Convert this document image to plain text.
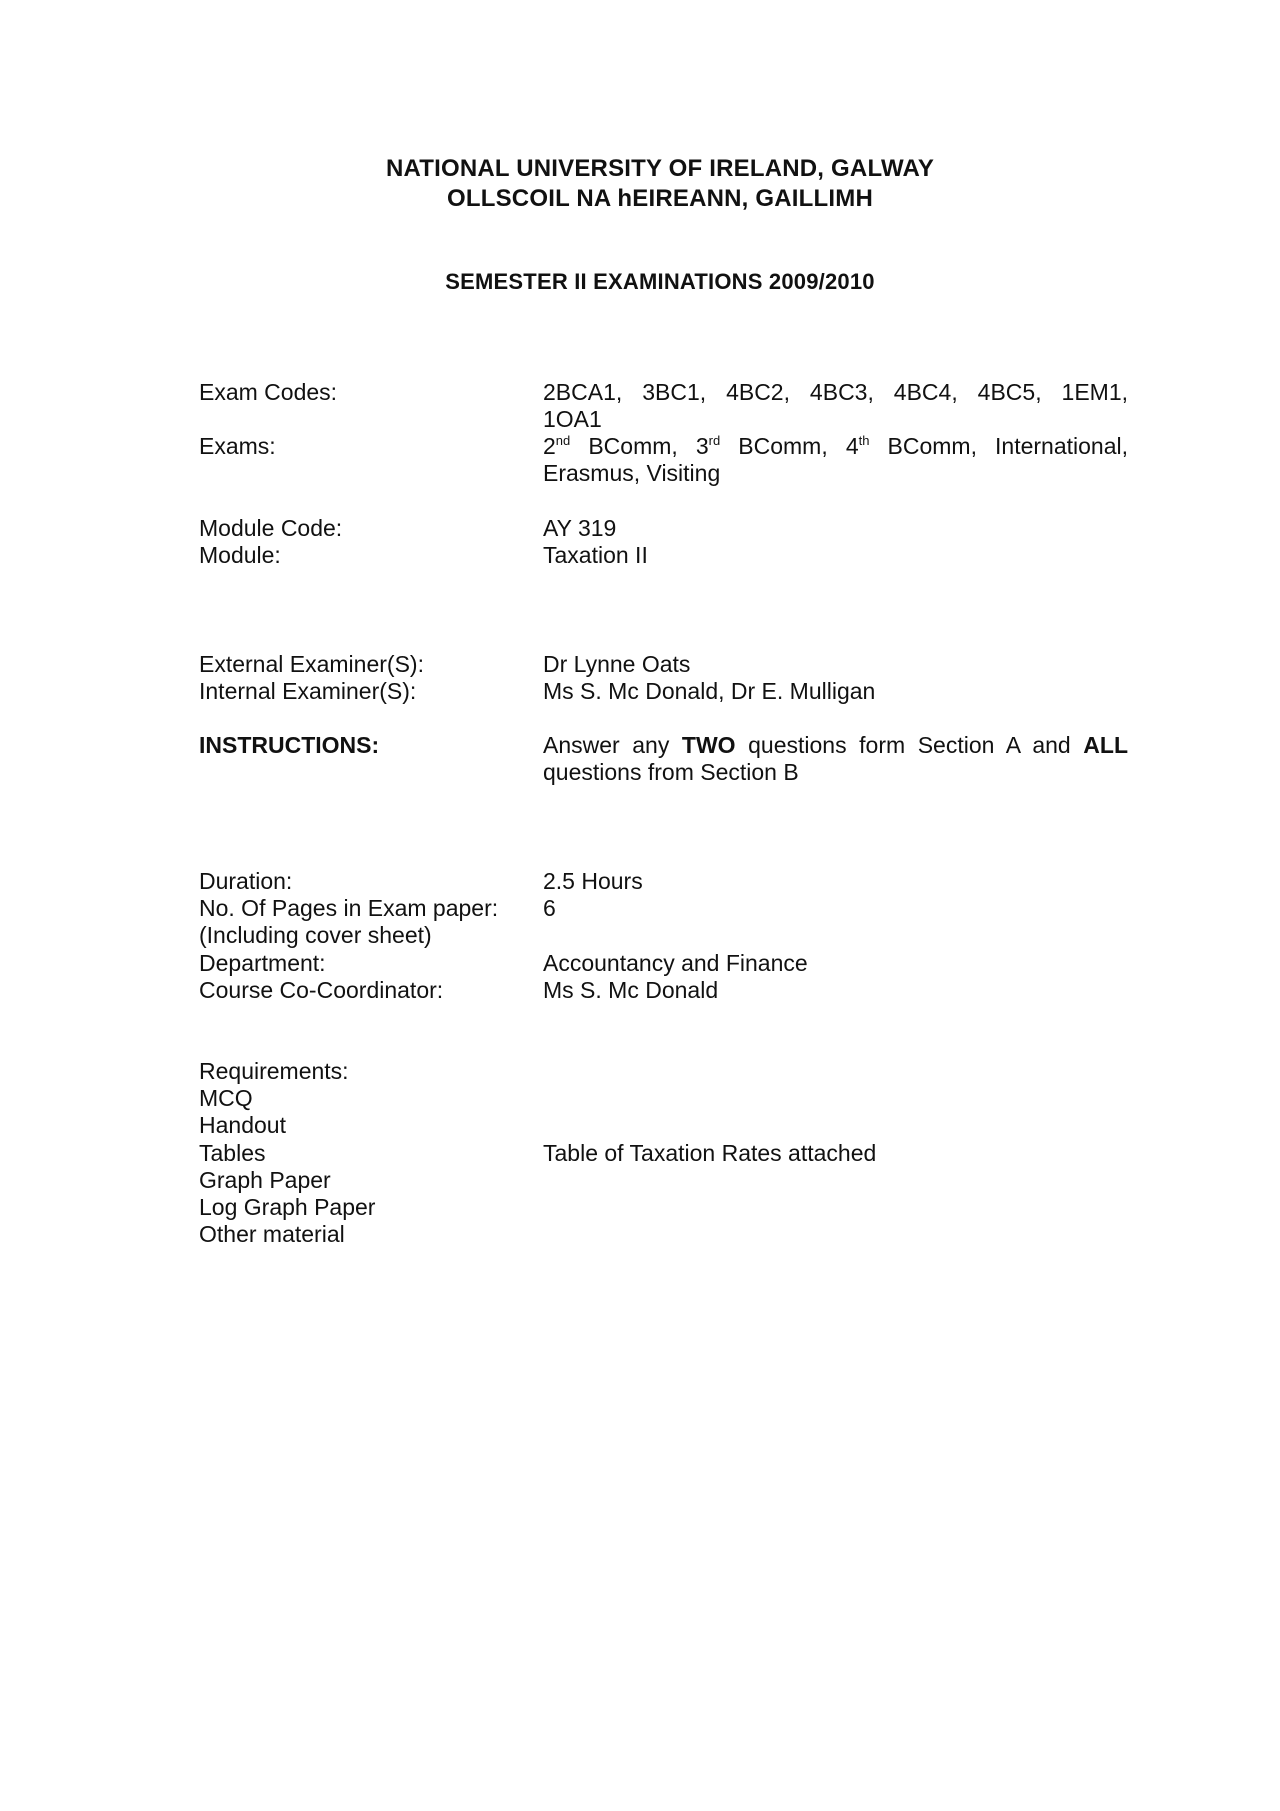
NATIONAL UNIVERSITY OF IRELAND, GALWAY
OLLSCOIL NA hEIREANN, GAILLIMH
SEMESTER II EXAMINATIONS 2009/2010
Exam Codes:	2BCA1, 3BC1, 4BC2, 4BC3, 4BC4, 4BC5, 1EM1,
1OA1
Exams:	2nd BComm, 3rd BComm, 4th BComm, International,
Erasmus, Visiting
Module Code:	AY 319
Module:	Taxation II
External Examiner(S):	Dr Lynne Oats
Internal Examiner(S):	Ms S. Mc Donald, Dr E. Mulligan
INSTRUCTIONS:	Answer any TWO questions form Section A and ALL
questions from Section B
Duration:	2.5 Hours
No. Of Pages in Exam paper: 6
(Including cover sheet)
Department:	Accountancy and Finance
Course Co-Coordinator:	Ms S. Mc Donald
Requirements:
MCQ
Handout
Tables	Table of Taxation Rates attached
Graph Paper
Log Graph Paper
Other material
